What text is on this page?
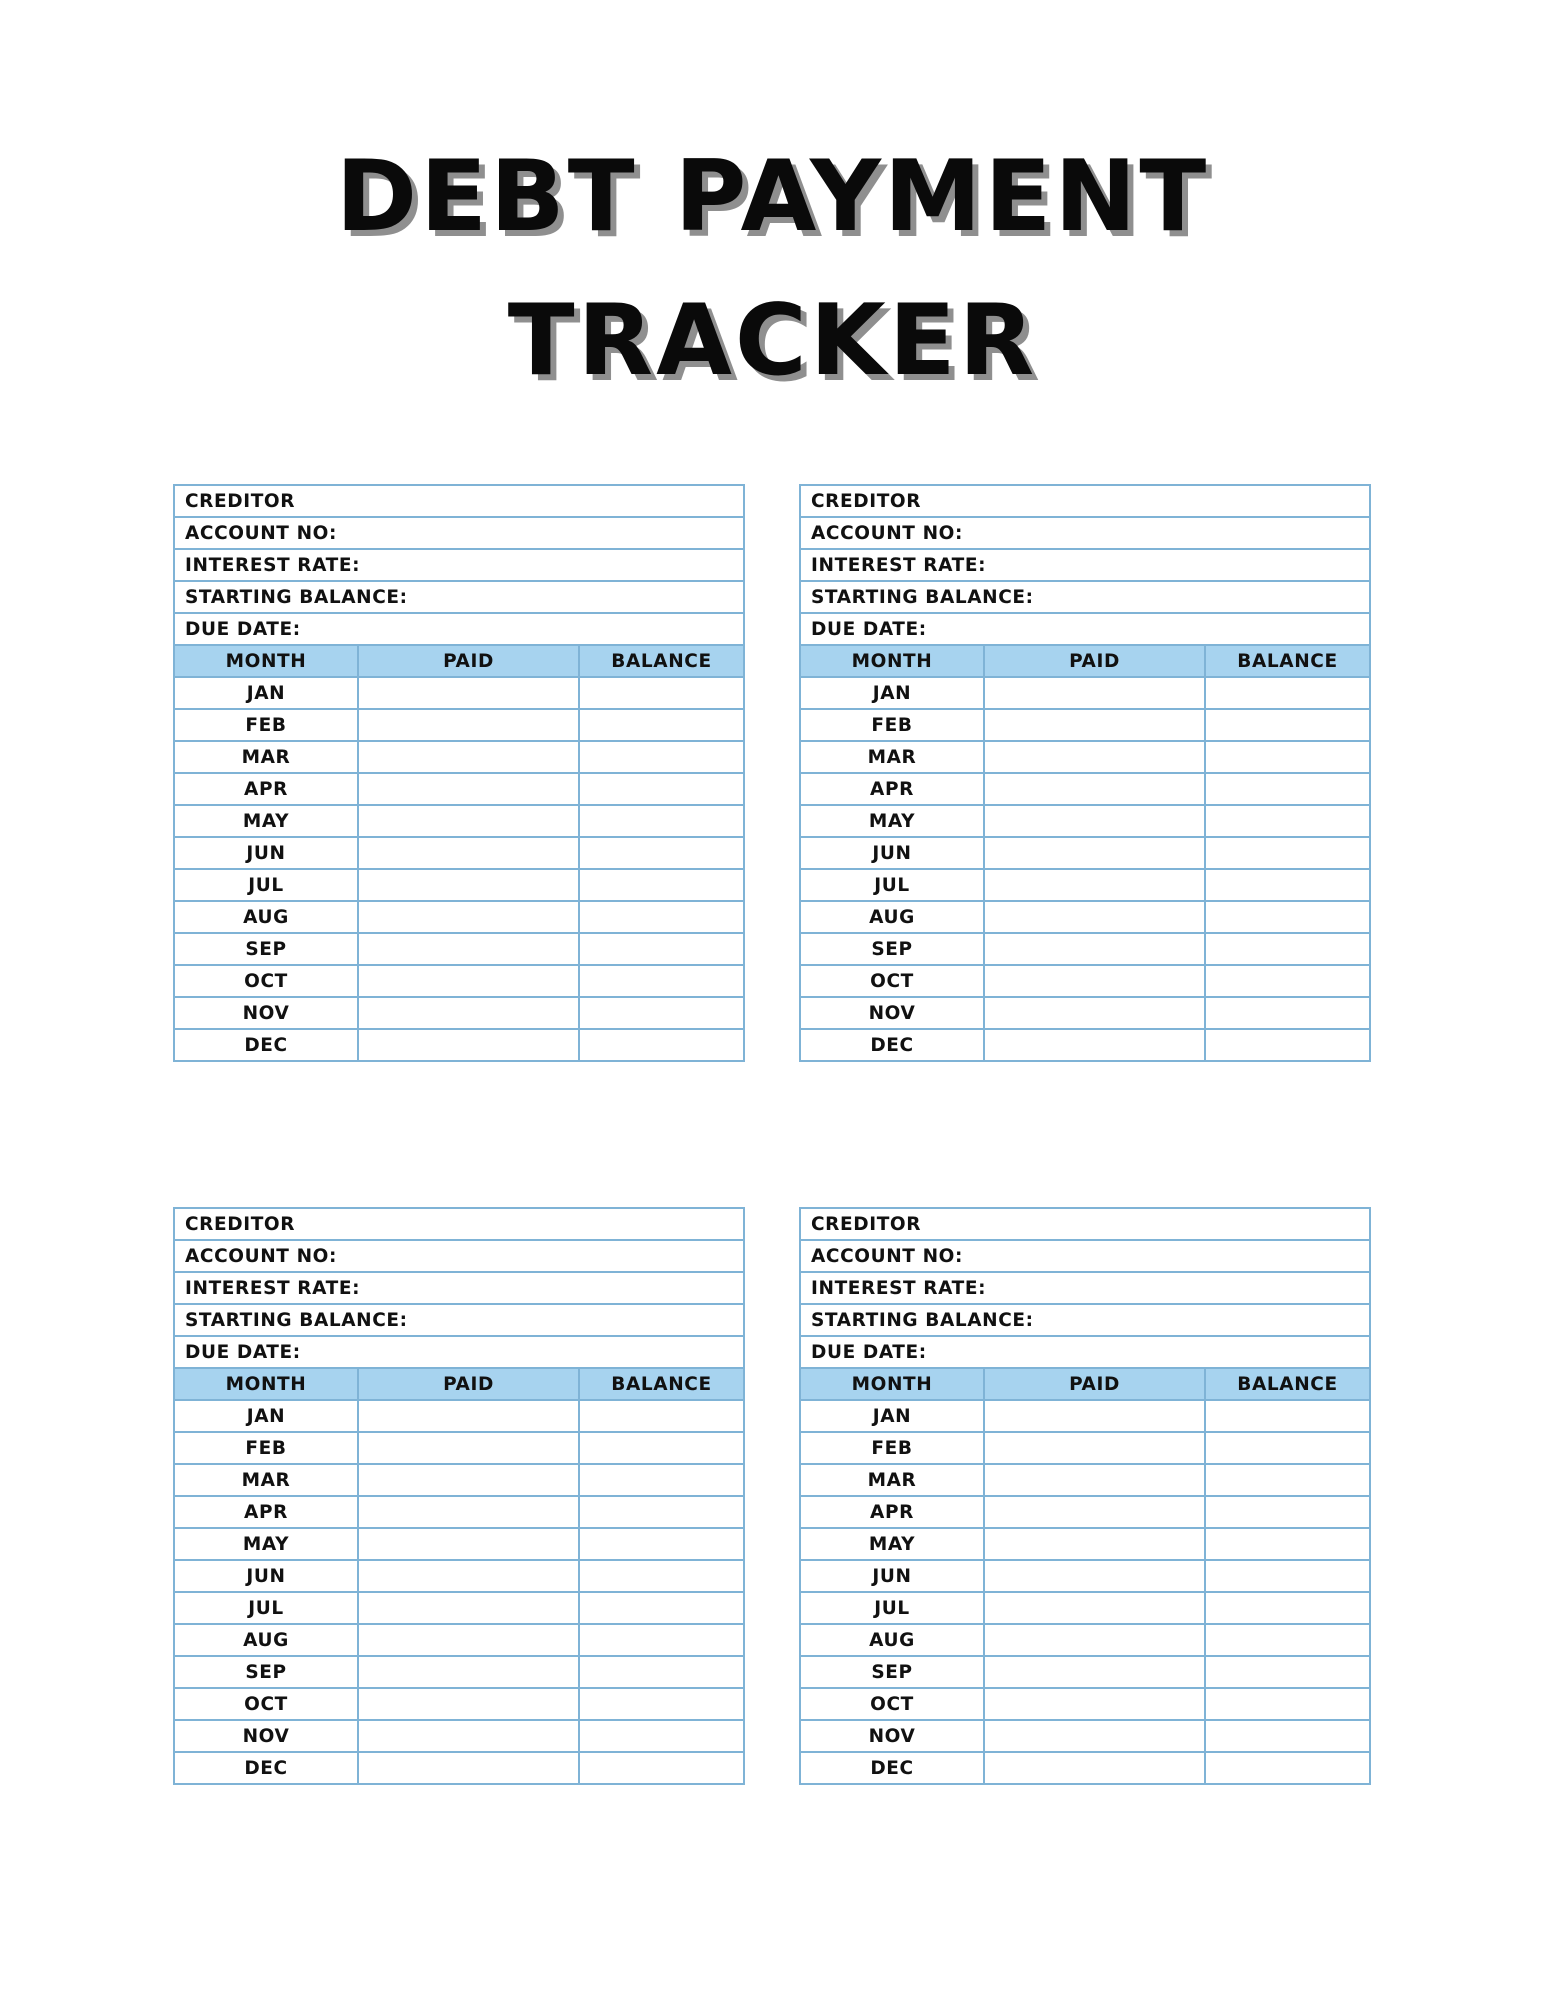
DEBT PAYMENT
TRACKER
CREDITOR		
ACCOUNT NO:		
INTEREST RATE:		
STARTING BALANCE:		
DUE DATE:		
MONTH	PAID	BALANCE
JAN		
FEB		
MAR		
APR		
MAY		
JUN		
JUL		
AUG		
SEP		
OCT		
NOV		
DEC		
CREDITOR		
ACCOUNT NO:		
INTEREST RATE:		
STARTING BALANCE:		
DUE DATE:		
MONTH	PAID	BALANCE
JAN		
FEB		
MAR		
APR		
MAY		
JUN		
JUL		
AUG		
SEP		
OCT		
NOV		
DEC		
CREDITOR		
ACCOUNT NO:		
INTEREST RATE:		
STARTING BALANCE:		
DUE DATE:		
MONTH	PAID	BALANCE
JAN		
FEB		
MAR		
APR		
MAY		
JUN		
JUL		
AUG		
SEP		
OCT		
NOV		
DEC		
CREDITOR		
ACCOUNT NO:		
INTEREST RATE:		
STARTING BALANCE:		
DUE DATE:		
MONTH	PAID	BALANCE
JAN		
FEB		
MAR		
APR		
MAY		
JUN		
JUL		
AUG		
SEP		
OCT		
NOV		
DEC		
